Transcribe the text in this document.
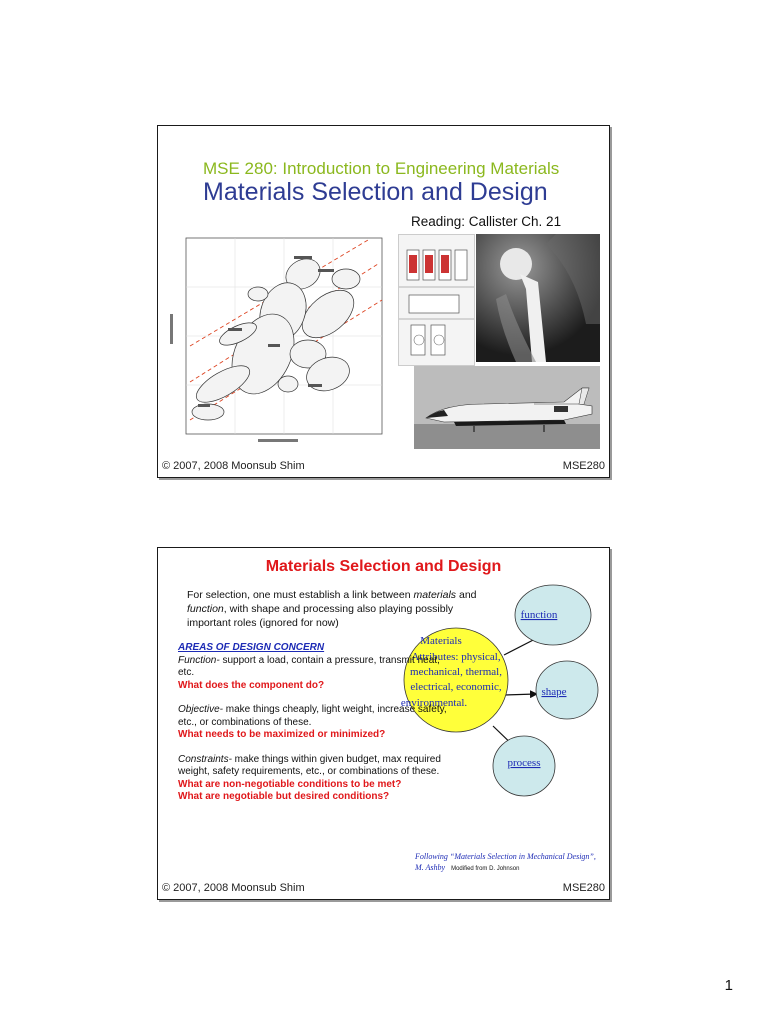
MSE 280: Introduction to Engineering Materials
Materials Selection and Design
Reading: Callister Ch. 21
© 2007, 2008 Moonsub Shim	MSE280
Materials Selection and Design
For selection, one must establish a link between materials and function, with shape and processing also playing possibly important roles (ignored for now)
Materials
Attributes: physical,
mechanical, thermal,
electrical, economic,
environmental.
function
shape
process

AREAS OF DESIGN CONCERN

Function- support a load, contain a pressure, transmit heat, etc.

What does the component do?

Objective- make things cheaply, light weight, increase safety, etc., or combinations of these.

What needs to be maximized or minimized?

Constraints- make things within given budget, max required weight, safety requirements, etc., or combinations of these.

What are non-negotiable conditions to be met?

What are negotiable but desired conditions?

Following “Materials Selection in Mechanical Design”, M. Ashby Modified from D. Johnson
© 2007, 2008 Moonsub Shim	MSE280
1
